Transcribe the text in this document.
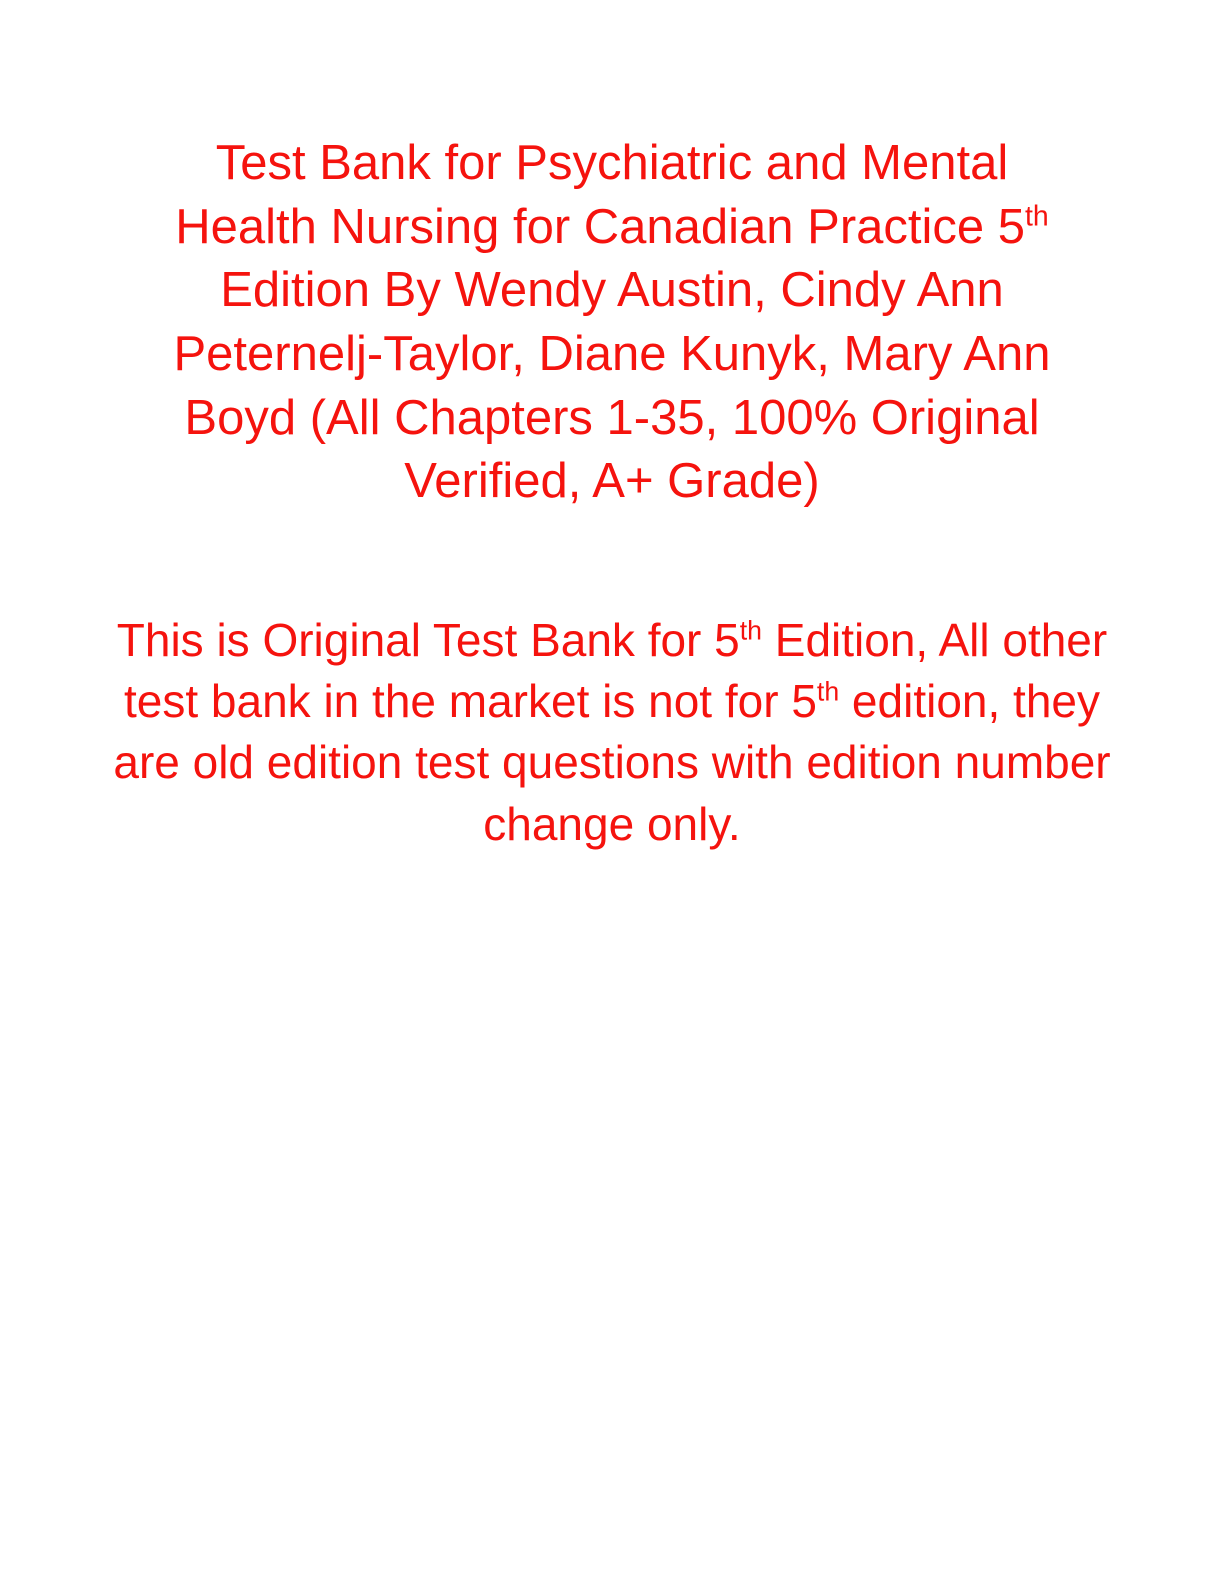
Test Bank for Psychiatric and Mental Health Nursing for Canadian Practice 5th Edition By Wendy Austin, Cindy Ann Peternelj-Taylor, Diane Kunyk, Mary Ann Boyd (All Chapters 1-35, 100% Original Verified, A+ Grade)

This is Original Test Bank for 5th Edition, All other test bank in the market is not for 5th edition, they are old edition test questions with edition number change only.
